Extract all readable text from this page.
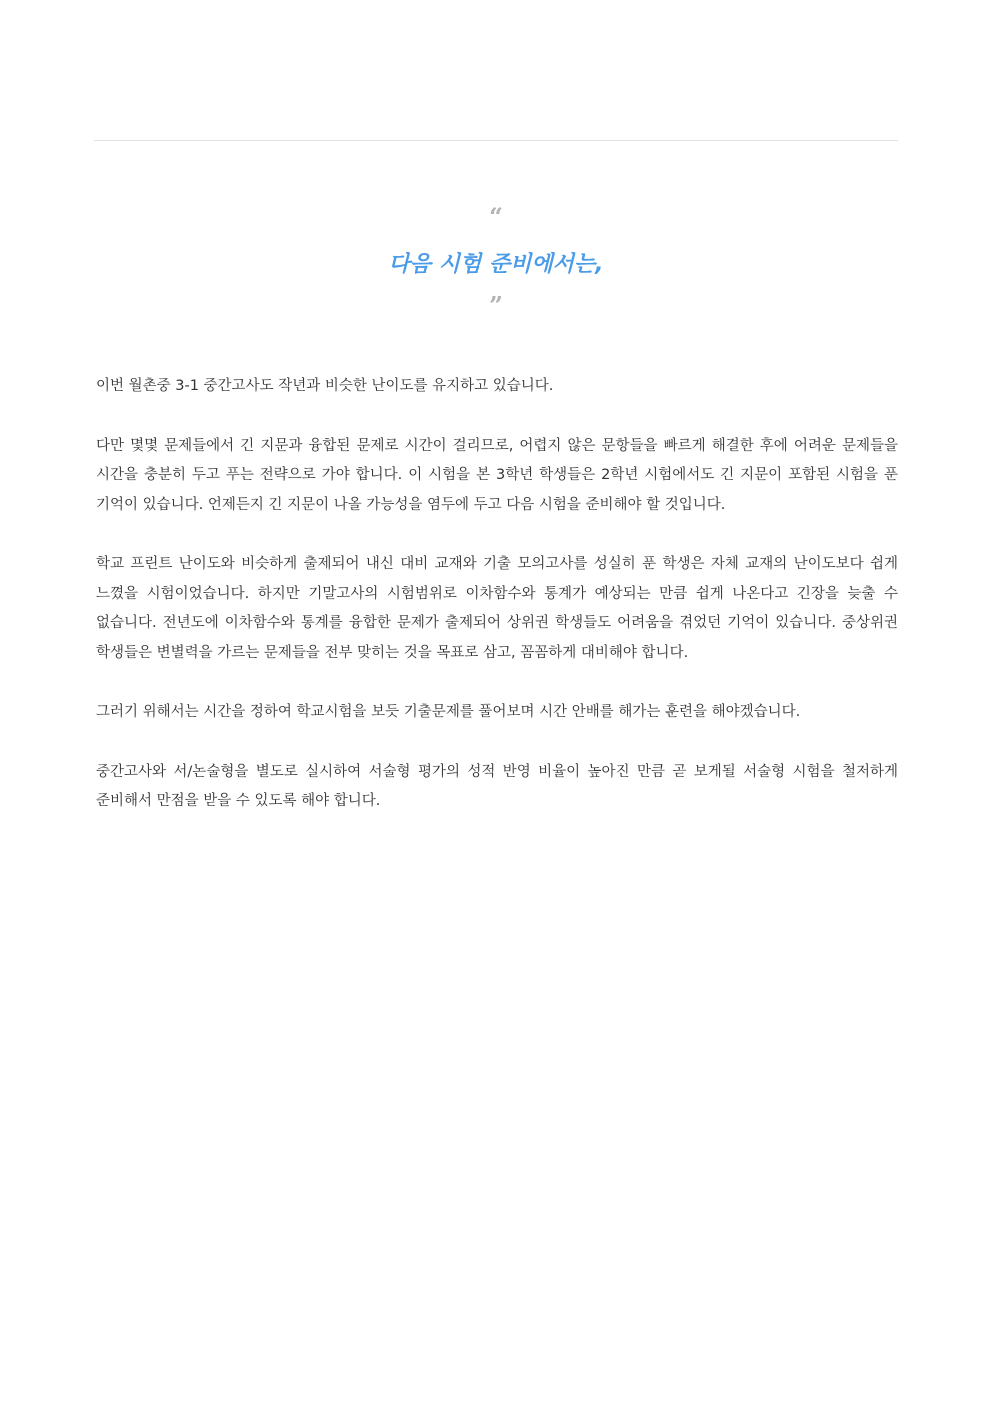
“
다음 시험 준비에서는,
”

이번 월촌중 3-1 중간고사도 작년과 비슷한 난이도를 유지하고 있습니다.

다만 몇몇 문제들에서 긴 지문과 융합된 문제로 시간이 걸리므로, 어렵지 않은 문항들을 빠르게 해결한 후에 어려운 문제들을 시간을 충분히 두고 푸는 전략으로 가야 합니다. 이 시험을 본 3학년 학생들은 2학년 시험에서도 긴 지문이 포함된 시험을 푼 기억이 있습니다. 언제든지 긴 지문이 나올 가능성을 염두에 두고 다음 시험을 준비해야 할 것입니다.

학교 프린트 난이도와 비슷하게 출제되어 내신 대비 교재와 기출 모의고사를 성실히 푼 학생은 자체 교재의 난이도보다 쉽게 느꼈을 시험이었습니다. 하지만 기말고사의 시험범위로 이차함수와 통계가 예상되는 만큼 쉽게 나온다고 긴장을 늦출 수 없습니다. 전년도에 이차함수와 통계를 융합한 문제가 출제되어 상위권 학생들도 어려움을 겪었던 기억이 있습니다. 중상위권 학생들은 변별력을 가르는 문제들을 전부 맞히는 것을 목표로 삼고, 꼼꼼하게 대비해야 합니다.

그러기 위해서는 시간을 정하여 학교시험을 보듯 기출문제를 풀어보며 시간 안배를 해가는 훈련을 해야겠습니다.

중간고사와 서/논술형을 별도로 실시하여 서술형 평가의 성적 반영 비율이 높아진 만큼 곧 보게될 서술형 시험을 철저하게 준비해서 만점을 받을 수 있도록 해야 합니다.
